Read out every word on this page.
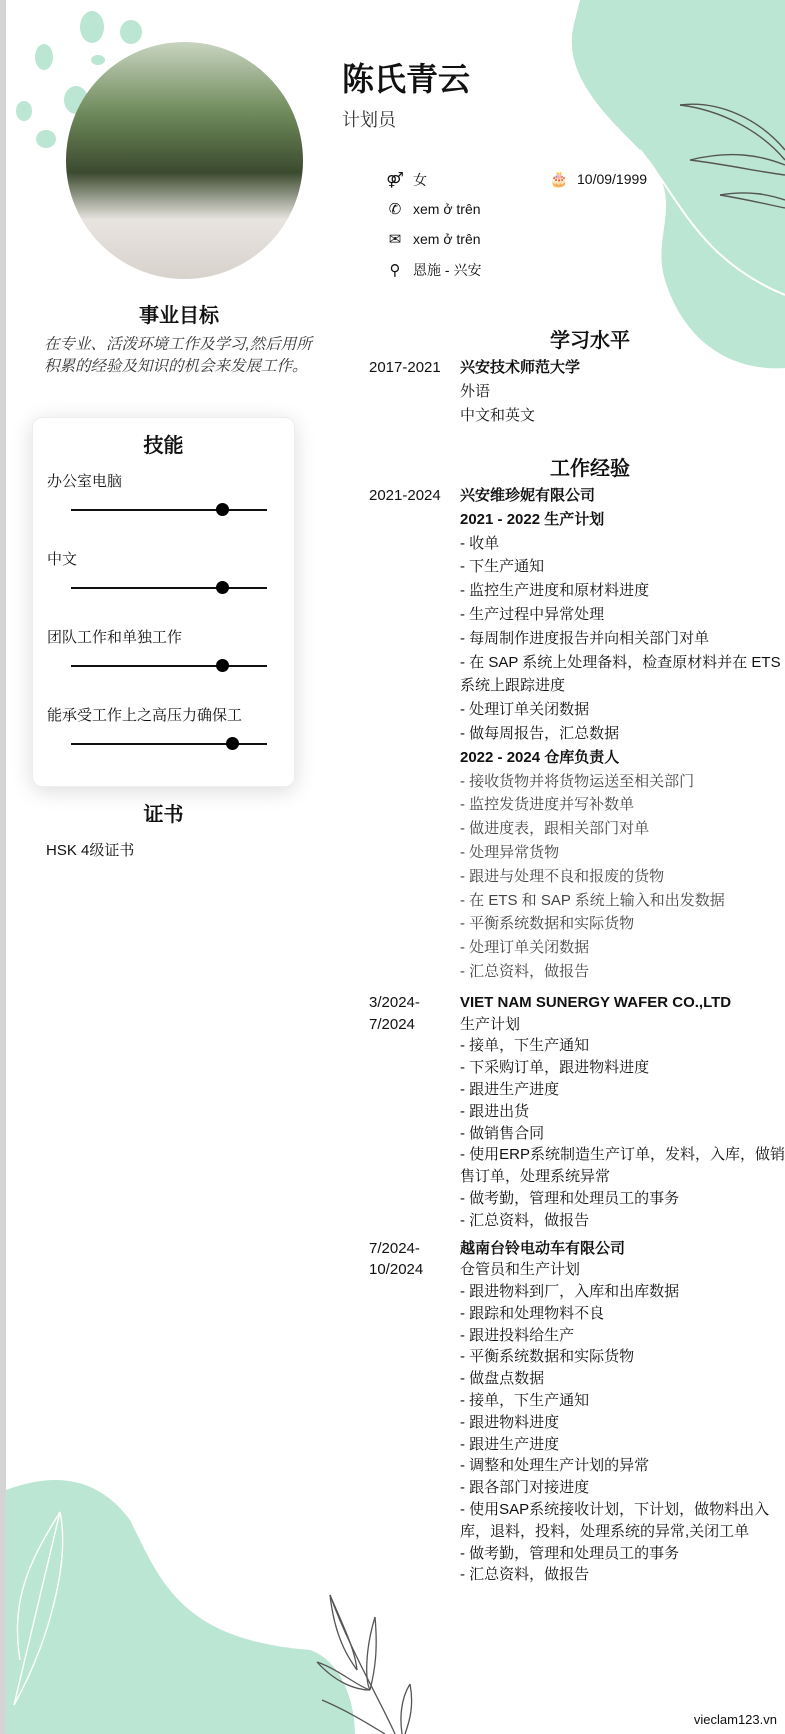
陈氏青云
计划员
⚤ 女	🎂 10/09/1999
✆ xem ở trên
✉ xem ở trên
⚲ 恩施 - 兴安
事业目标
在专业、活泼环境工作及学习,然后用所积累的经验及知识的机会来发展工作。
技能
办公室电脑
中文
团队工作和单独工作
能承受工作上之高压力确保工
证书
HSK 4级证书
学习水平
2017-2021	兴安技术师范大学
外语
中文和英文
工作经验
2021-2024	兴安维珍妮有限公司
2021 - 2022 生产计划
- 收单
- 下生产通知
- 监控生产进度和原材料进度
- 生产过程中异常处理
- 每周制作进度报告并向相关部门对单
- 在 SAP 系统上处理备料，检查原材料并在 ETS 系统上跟踪进度
- 处理订单关闭数据
- 做每周报告，汇总数据
2022 - 2024 仓库负责人
- 接收货物并将货物运送至相关部门
- 监控发货进度并写补数单
- 做进度表，跟相关部门对单
- 处理异常货物
- 跟进与处理不良和报废的货物
- 在 ETS 和 SAP 系统上输入和出发数据
- 平衡系统数据和实际货物
- 处理订单关闭数据
- 汇总资料，做报告
3/2024-
7/2024
VIET NAM SUNERGY WAFER CO.,LTD
生产计划
- 接单，下生产通知
- 下采购订单，跟进物料进度
- 跟进生产进度
- 跟进出货
- 做销售合同
- 使用ERP系统制造生产订单，发料，入库，做销售订单，处理系统异常
- 做考勤，管理和处理员工的事务
- 汇总资料，做报告
7/2024-
10/2024
越南台铃电动车有限公司
仓管员和生产计划
- 跟进物料到厂，入库和出库数据
- 跟踪和处理物料不良
- 跟进投料给生产
- 平衡系统数据和实际货物
- 做盘点数据
- 接单，下生产通知
- 跟进物料进度
- 跟进生产进度
- 调整和处理生产计划的异常
- 跟各部门对接进度
- 使用SAP系统接收计划，下计划，做物料出入库，退料，投料，处理系统的异常,关闭工单
- 做考勤，管理和处理员工的事务
- 汇总资料，做报告
vieclam123.vn
